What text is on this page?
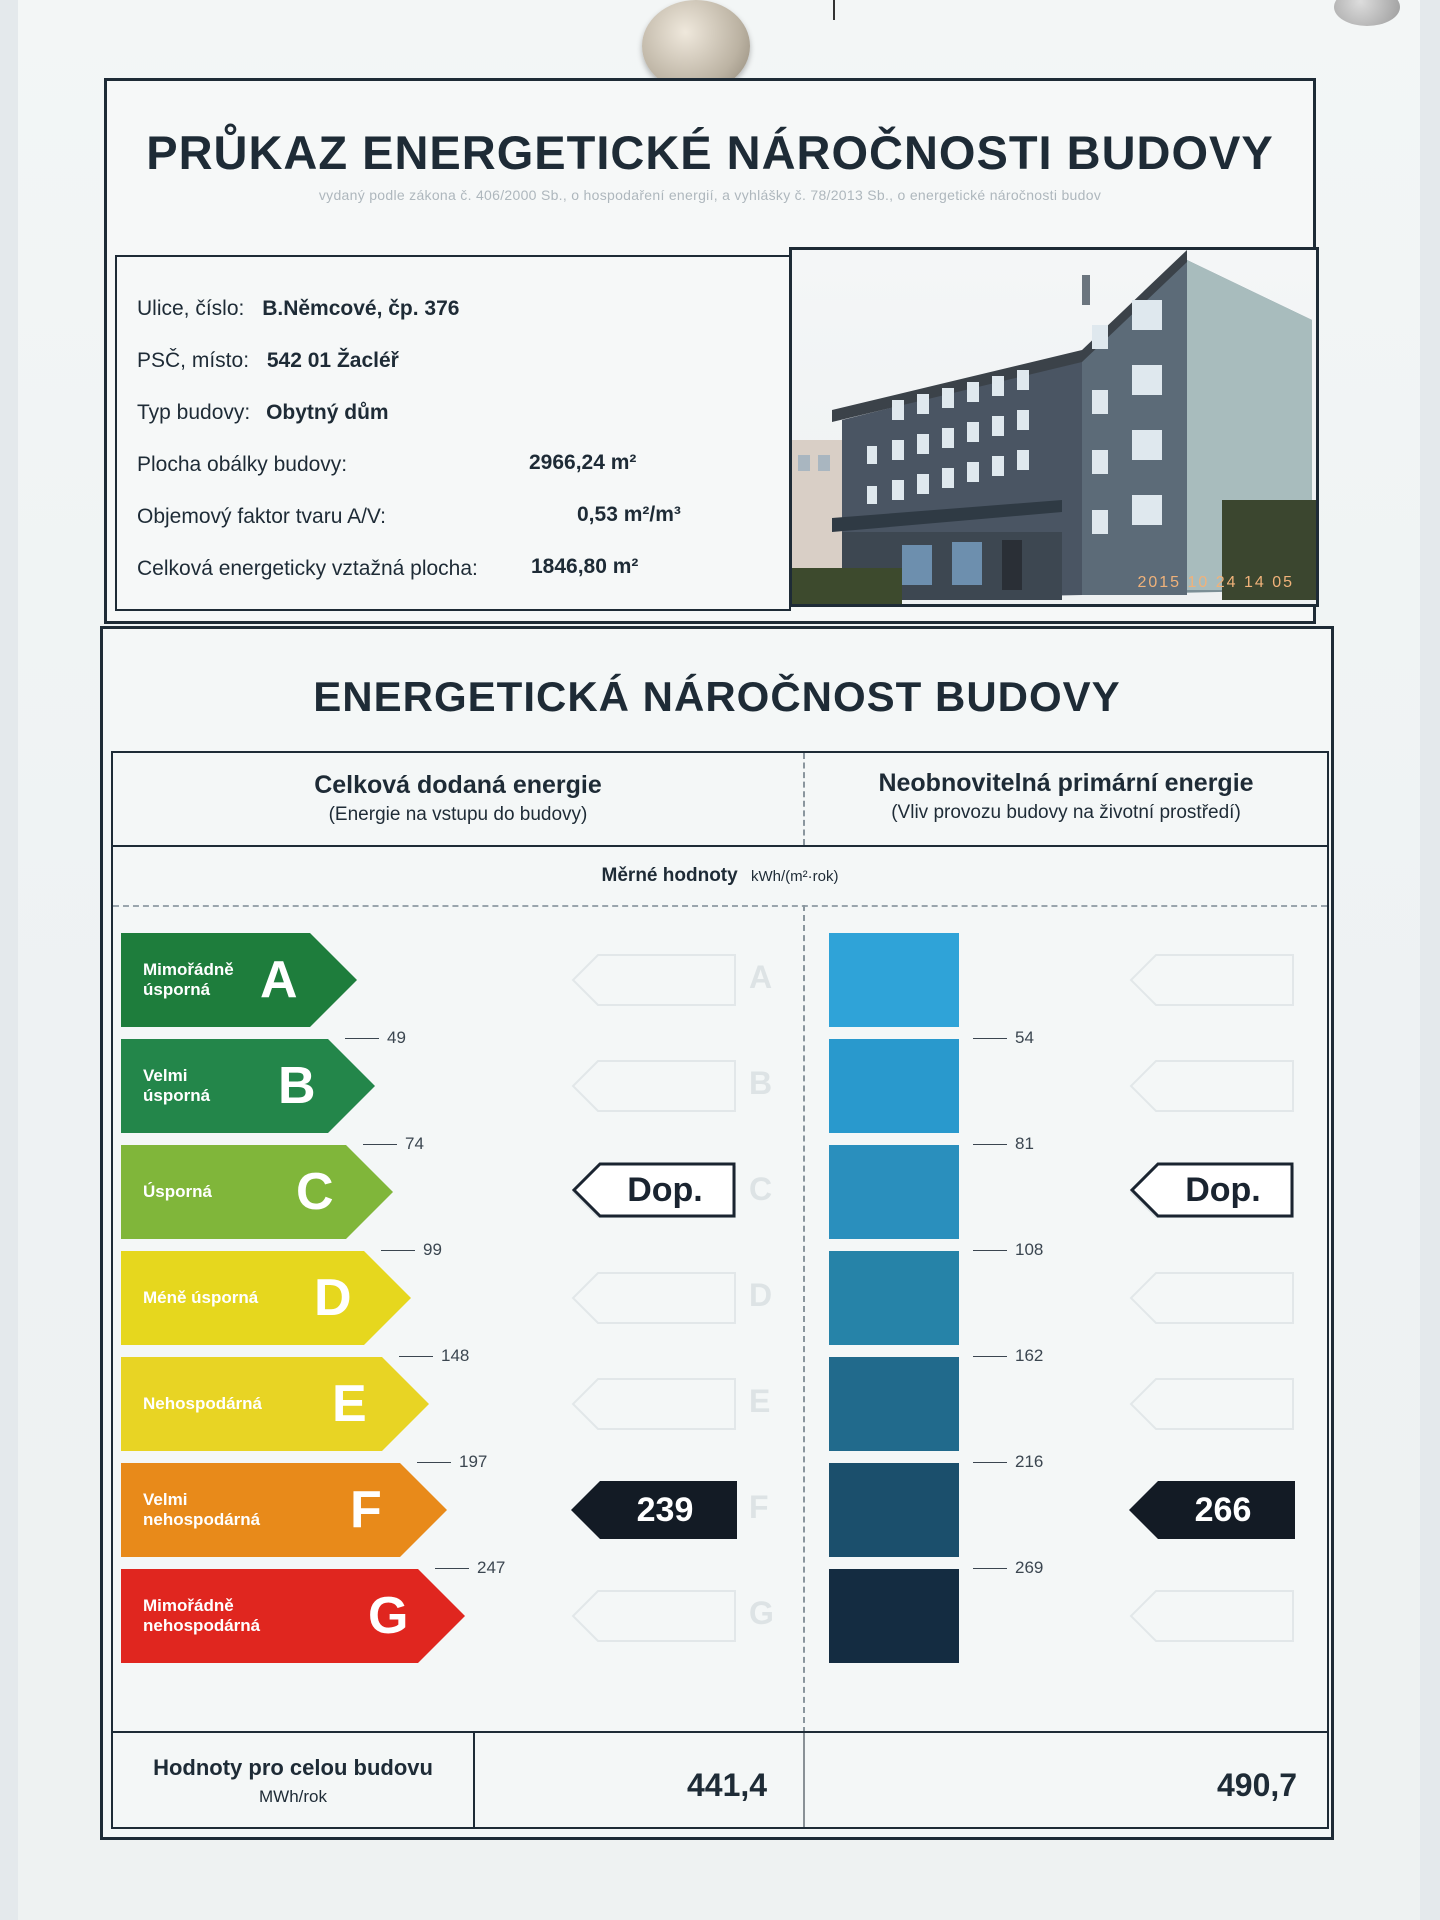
PRŮKAZ ENERGETICKÉ NÁROČNOSTI BUDOVY
vydaný podle zákona č. 406/2000 Sb., o hospodaření energií, a vyhlášky č. 78/2013 Sb., o energetické náročnosti budov
Ulice, číslo: B.Němcové, čp. 376
PSČ, místo: 542 01 Žacléř
Typ budovy: Obytný dům
Plocha obálky budovy:	2966,24 m²
Objemový faktor tvaru A/V:	0,53 m²/m³
Celková energeticky vztažná plocha:	1846,80 m²
2015 10 24 14 05
ENERGETICKÁ NÁROČNOST BUDOVY
Celková dodaná energie
(Energie na vstupu do budovy)
Neobnovitelná primární energie
(Vliv provozu budovy na životní prostředí)
Měrné hodnoty kWh/(m²·rok)
Mimořádně
úsporná A
49	54
A
Velmi
úsporná B
74	81
B
Úsporná C
99	108
C
Dop.	Dop.
Méně úsporná D
148	162
D
Nehospodárná E
197	216
E
Velmi
nehospodárná F
247	269
F
239	266
Mimořádně
nehospodárná G	G
Hodnoty pro celou budovu
MWh/rok	441,4	490,7
